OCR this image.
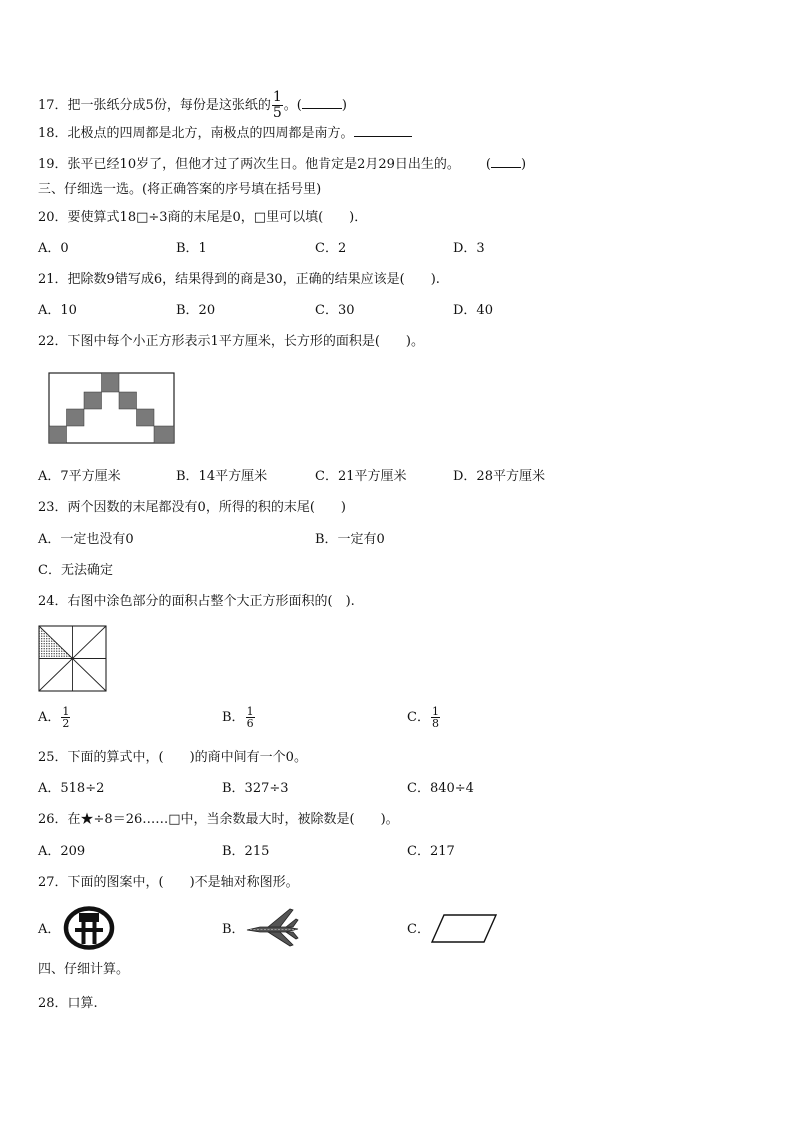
17．把一张纸分成5份，每份是这张纸的 $\frac{1}{5}$ 。(	)
18．北极点的四周都是北方，南极点的四周都是南方。
19．张平已经10岁了，但他才过了两次生日。他肯定是2月29日出生的。 ( )
三、仔细选一选。(将正确答案的序号填在括号里)
20．要使算式18□÷3商的末尾是0，□里可以填(　　)．
A．0	B．1	C．2	D．3
21．把除数9错写成6，结果得到的商是30，正确的结果应该是(　　).
A．10	B．20	C．30	D．40
22．下图中每个小正方形表示1平方厘米，长方形的面积是(　　)。
A．7平方厘米	B．14平方厘米	C．21平方厘米	D．28平方厘米
23．两个因数的末尾都没有0，所得的积的末尾(　　)
A．一定也没有0	B．一定有0
C．无法确定
24．右图中涂色部分的面积占整个大正方形面积的(　).
A． $\frac{1}{2}$	B． $\frac{1}{6}$	C． $\frac{1}{8}$
25．下面的算式中，(　　)的商中间有一个0。
A．518÷2	B．327÷3	C．840÷4
26．在★÷8＝26……□中，当余数最大时，被除数是(　　)。
A．209	B．215	C．217
27．下面的图案中，(　　)不是轴对称图形。
A．	B．	C．
四、仔细计算。
28．口算.
